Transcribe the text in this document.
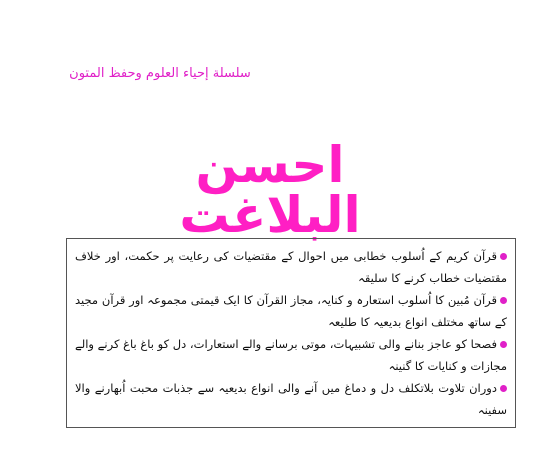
سلسلة إحياء العلوم وحفظ المتون
احسن البلاغت

قرآن کریم کے اُسلوب خطابی میں احوال کے مقتضیات کی رعایت پر حکمت، اور خلاف مقتضیات خطاب کرنے کا سلیقہ

قرآن مُبین کا اُسلوب استعارہ و کنایہ، مجاز القرآن کا ایک قیمتی مجموعہ اور قرآن مجید کے ساتھ مختلف انواع بدیعیہ کا طلیعہ

فصحا کو عاجز بنانے والی تشبیہات، موتی برسانے والے استعارات، دل کو باغ باغ کرنے والے مجازات و کنایات کا گنینہ

دوران تلاوت بلاتکلف دل و دماغ میں آنے والی انواع بدیعیہ سے جذبات محبت اُبھارنے والا سفینہ
